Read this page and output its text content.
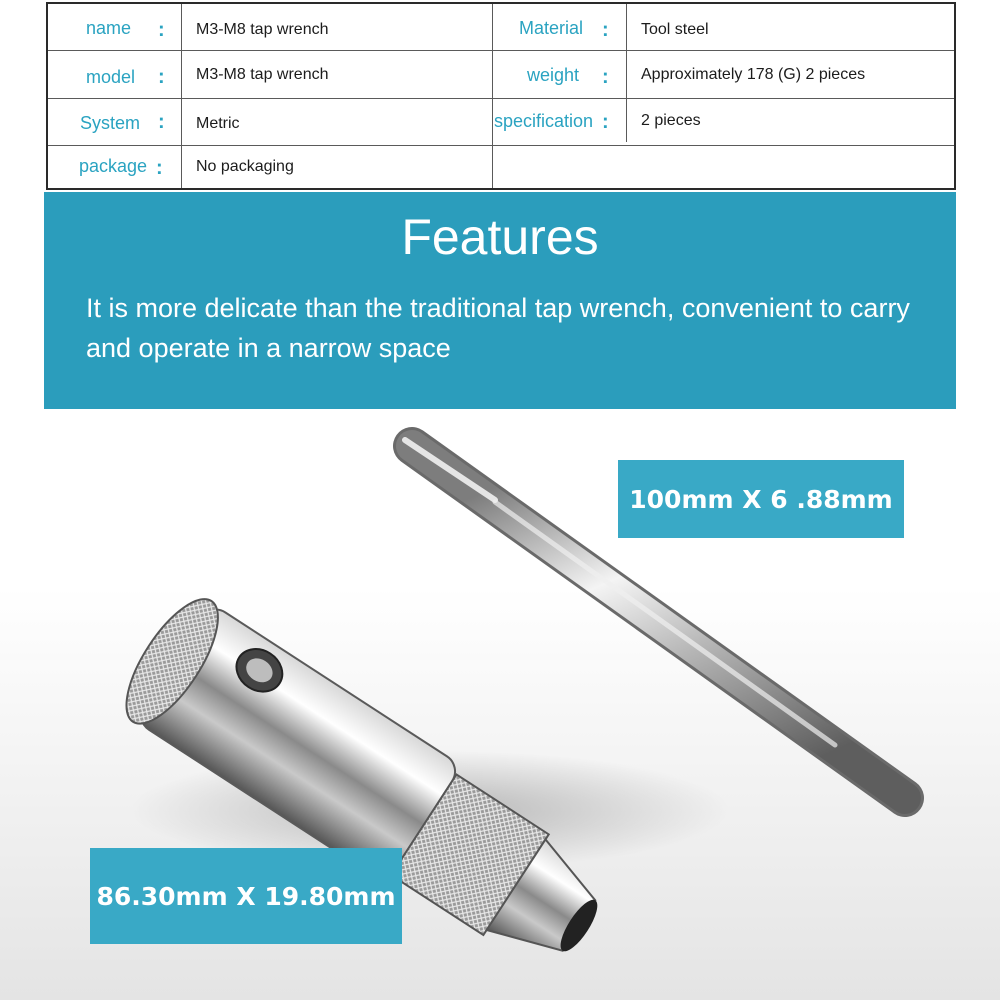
name : M3-M8 tap wrench
model : M3-M8 tap wrench
System : Metric
package : No packaging
Material : Tool steel
weight : Approximately 178 (G) 2 pieces
specification : 2 pieces
Features
It is more delicate than the traditional tap wrench, convenient to carry and operate in a narrow space
100mm X 6 .88mm
86.30mm X 19.80mm
